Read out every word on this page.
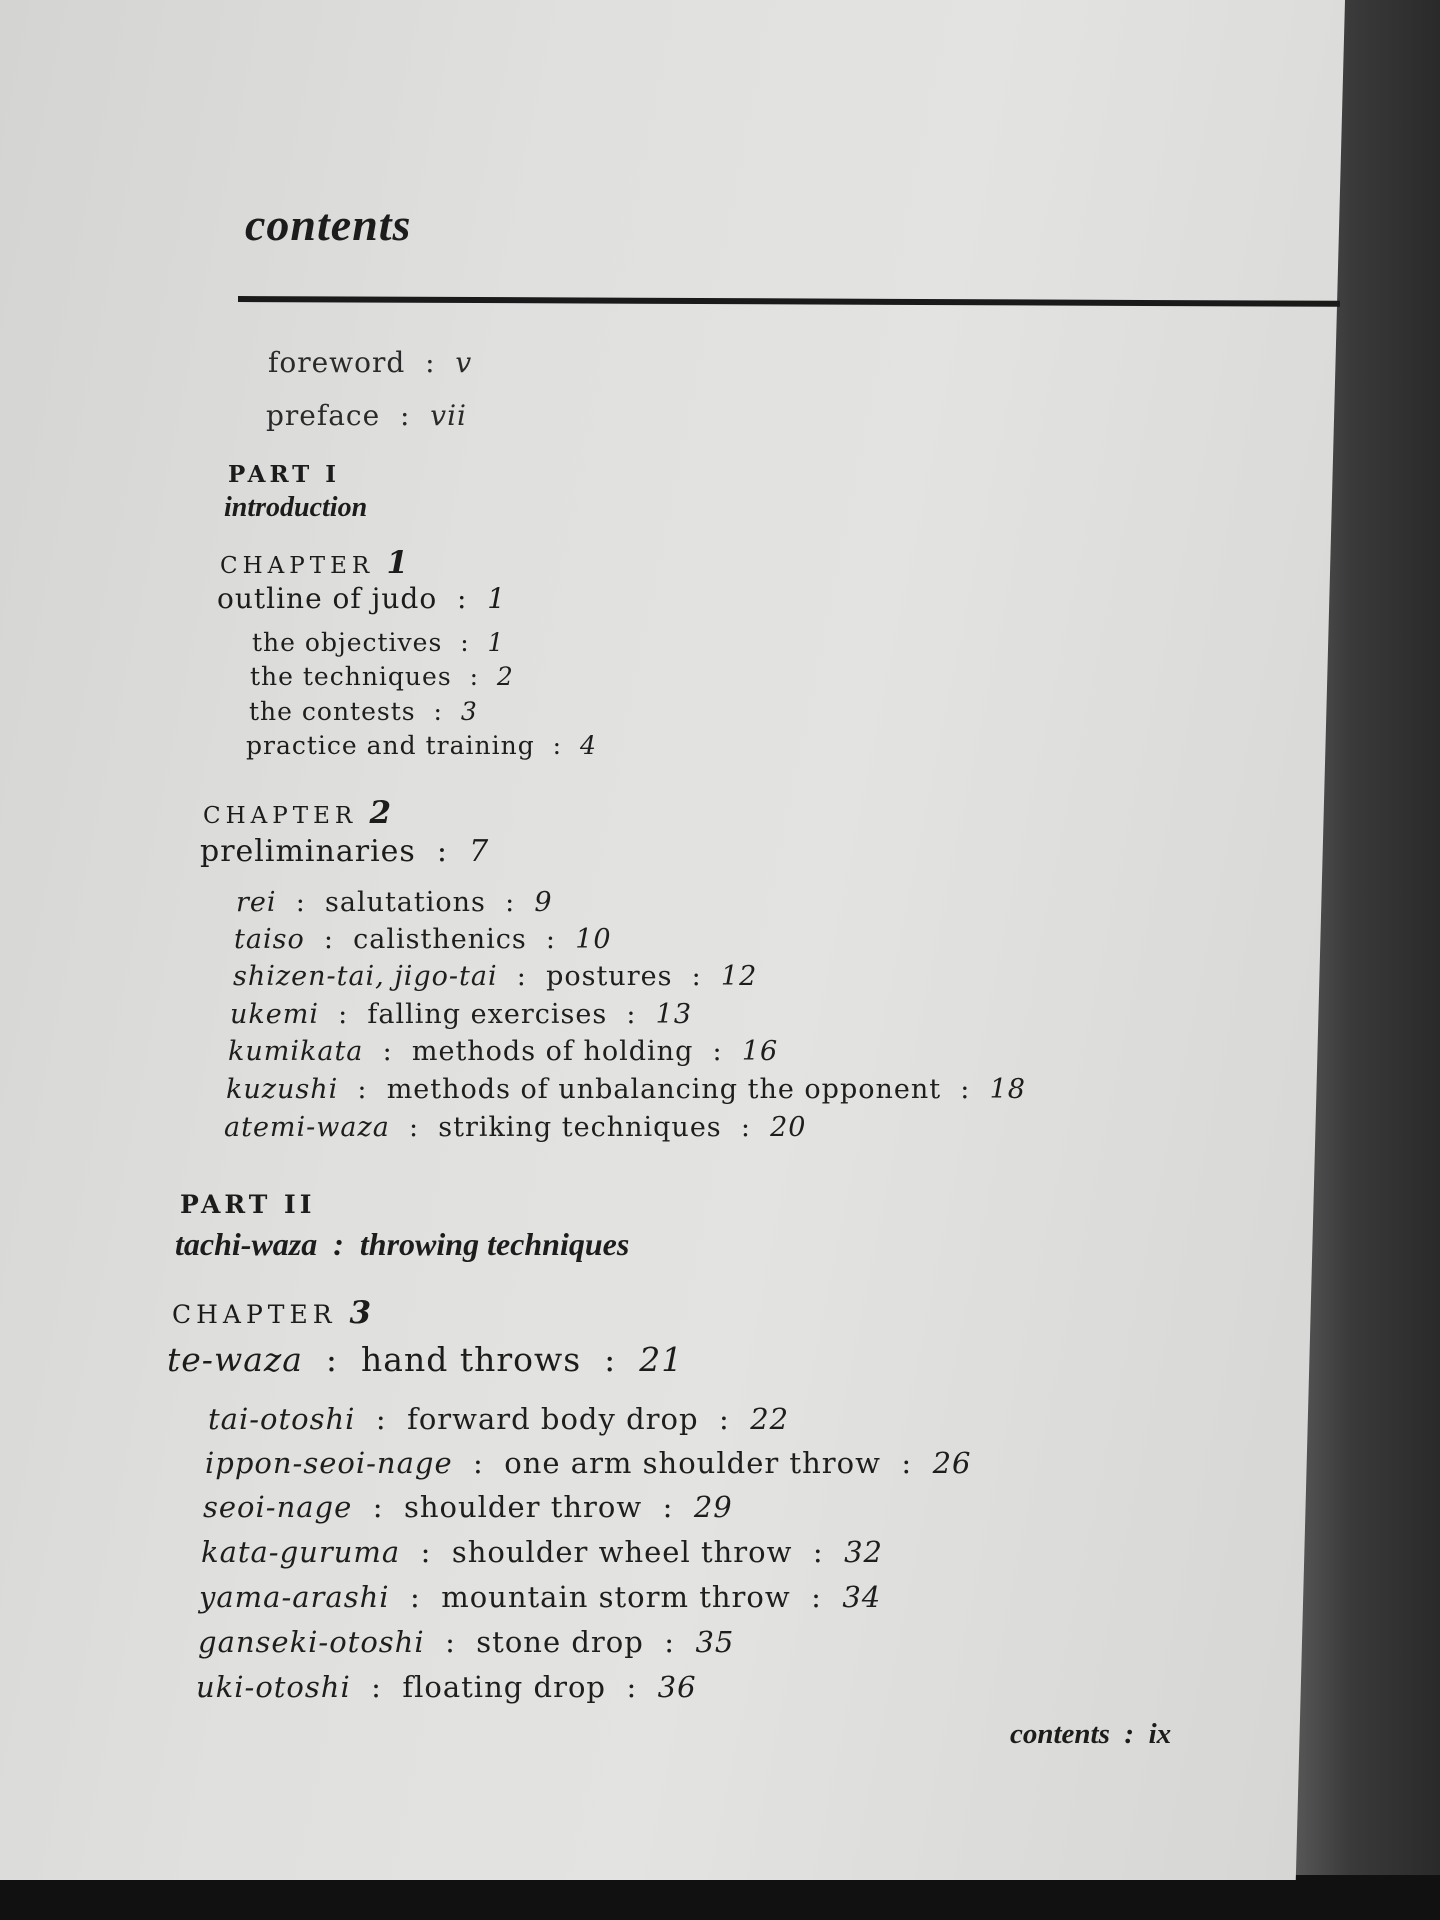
contents
foreword : v
preface : vii
PART I
introduction
CHAPTER 1
outline of judo : 1
the objectives : 1
the techniques : 2
the contests : 3
practice and training : 4
CHAPTER 2
preliminaries : 7
rei : salutations : 9
taiso : calisthenics : 10
shizen-tai, jigo-tai : postures : 12
ukemi : falling exercises : 13
kumikata : methods of holding : 16
kuzushi : methods of unbalancing the opponent : 18
atemi-waza : striking techniques : 20
PART II
tachi-waza : throwing techniques
CHAPTER 3
te-waza : hand throws : 21
tai-otoshi : forward body drop : 22
ippon-seoi-nage : one arm shoulder throw : 26
seoi-nage : shoulder throw : 29
kata-guruma : shoulder wheel throw : 32
yama-arashi : mountain storm throw : 34
ganseki-otoshi : stone drop : 35
uki-otoshi : floating drop : 36
contents : ix
